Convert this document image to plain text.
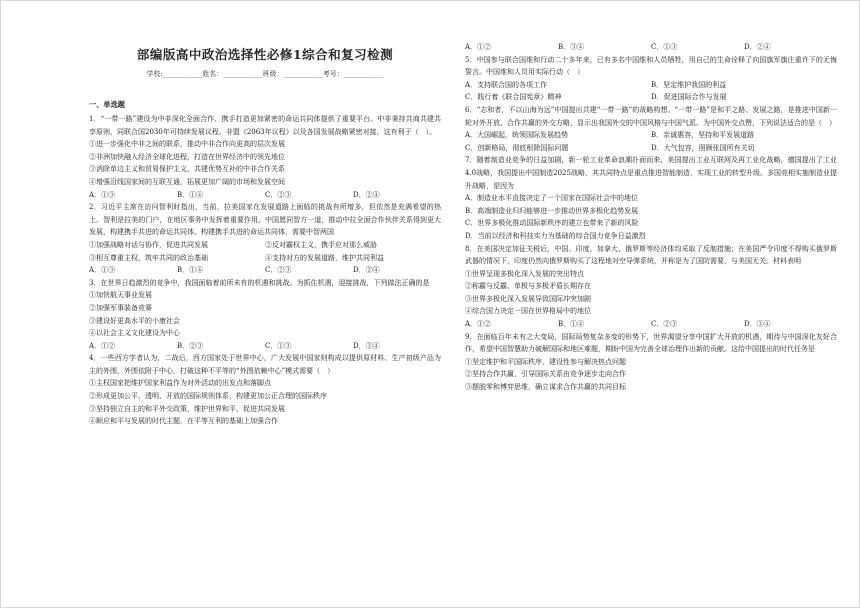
部编版高中政治选择性必修1综合和复习检测
学校:___________姓名：___________班级：___________考号：___________
一、单选题

1．“一带一路”建设为中非深化全面合作、携手打造更加紧密的命运共同体提供了重要平台。中非秉持共商共建共享原则，同联合国2030年可持续发展议程、非盟《2063年议程》以及各国发展战略紧密对接，这有利于（　）。

①进一步强化中非之间的联系，推动中非合作向更高的层次发展

②非洲加快融入经济全球化进程，打造在世界经济中的领先地位

③消除单边主义和贸易保护主义，共建优势互补的中非合作关系

④增强沿线国家间的互联互通，拓展更加广阔的市场和发展空间

A．①③	B．①④	C．②③	D．②④

2．习近平主席在访问智利时指出，当前，拉美国家在发展道路上面临的挑战有所增多，但依然是充满希望的热土。智利是拉美的门户，在地区事务中发挥着重要作用。中国愿同智方一道，推动中拉全面合作伙伴关系得到更大发展，构建携手共进的命运共同体。构建携手共进的命运共同体，需要中智两国

①加强战略对话与协作，促进共同发展	②反对霸权主义，携手应对那么威胁
③相互尊重主权，筑牢共同的政治基础	④支持对方的发展道路，维护共同利益
A．①③	B．①④	C．②③	D．②④

3．在世界日趋激烈的竞争中，我国面临着前所未有的机遇和挑战。为抓住机遇，迎接挑战，下列做法正确的是

①加快航天事业发展

②加强军事装备竞赛

③建设好更高水平的小康社会

④以社会主义文化建设为中心

A．①②	B．②③	C．①③	D．③④

4．一些西方学者认为，二战后，西方国家处于世界中心，广大发展中国家则构成以提供原材料、生产初级产品为主的外围，外围依附于中心，打破这种不平等的“外围依赖中心”模式需要（　）

①主权国家把维护国家利益作为对外活动的出发点和落脚点

②形成更加公平、透明、开放的国际规则体系，构建更加公正合理的国际秩序

③坚持独立自主的和平外交政策，维护世界和平，促进共同发展

④顺应和平与发展的时代主题，在平等互利的基础上加强合作

A．①②	B．③④	C．①③	D．②④

5．中国参与联合国维和行动二十多年来，已有多名中国维和人员牺牲，用自己的生命诠释了向国旗军旗庄重许下的无悔誓言。中国维和人员用实际行动（　）

A．支持联合国的各项工作	B．坚定维护我国的利益
C．践行着《联合国宪章》精神	D．促进国际合作与发展

6．“志和者，不以山海为远”中国提出共建“一带一路”的战略构想。“一带一路”是和平之路、发展之路，是推进中国新一轮对外开放、合作共赢的外交方略，显示出我国外交的中国风格与中国气派。为中国外交点赞，下列说法适合的是（　）

A．大国崛起，统领国际发展趋势	B．亲诚惠容，坚持和平发展道路
C．创新格局，彻底根除国际问题	D．大气包容，照顾张国所有关切

7．随着制造业竞争的日益加剧，新一轮工业革命浪潮扑面而来，美国提出工业互联网及再工业化战略，德国提出了工业4.0战略，我国提出中国制造2025战略，其共同特点是重点推进智能制造，实现工业的转型升级。多国竞相实施制造业提升战略，是因为

A．制造业水平直接决定了一个国家在国际社会中的地位

B．高端制造业归归能够进一步推动世界多极化趋势发展

C．世界多极化推动国际新秩序的建立也带来了新的风险

D．当前以经济和科技实力为基础的综合国力竞争日益激烈

8．在美国决定加征关税后，中国、印度、加拿大、俄罗斯等经济体均采取了反制措施；在美国严令印度不得购买俄罗斯武器的情况下，印度仍然向俄罗斯购买了这程地对空导弹系统，并称是为了国防需要，与美国无关。材料表明

①世界呈现多极化深入发展的突出特点

②称霸与反霸、单极与多极矛盾长期存在

③世界多极化深入发展导致国际冲突加剧

④综合国力决定一国在世界格局中的地位

A．①②	B．①④	C．②③	D．③④

9．在面临百年未有之大变局，国际局势复杂多变的形势下，世界渴望分享中国扩大开放的机遇，期待与中国深化友好合作，希望中国智慧助力破解国际和地区难题，期盼中国为完善全球治理作出新的贡献。这给中国提出的时代任务是

①坚定维护和平国际秩序，建设性参与解决热点问题

②坚持合作共赢，引导国际关系由竞争逐步走向合作

③摆脱零和博弈思维，确立谋求合作共赢的共同目标
